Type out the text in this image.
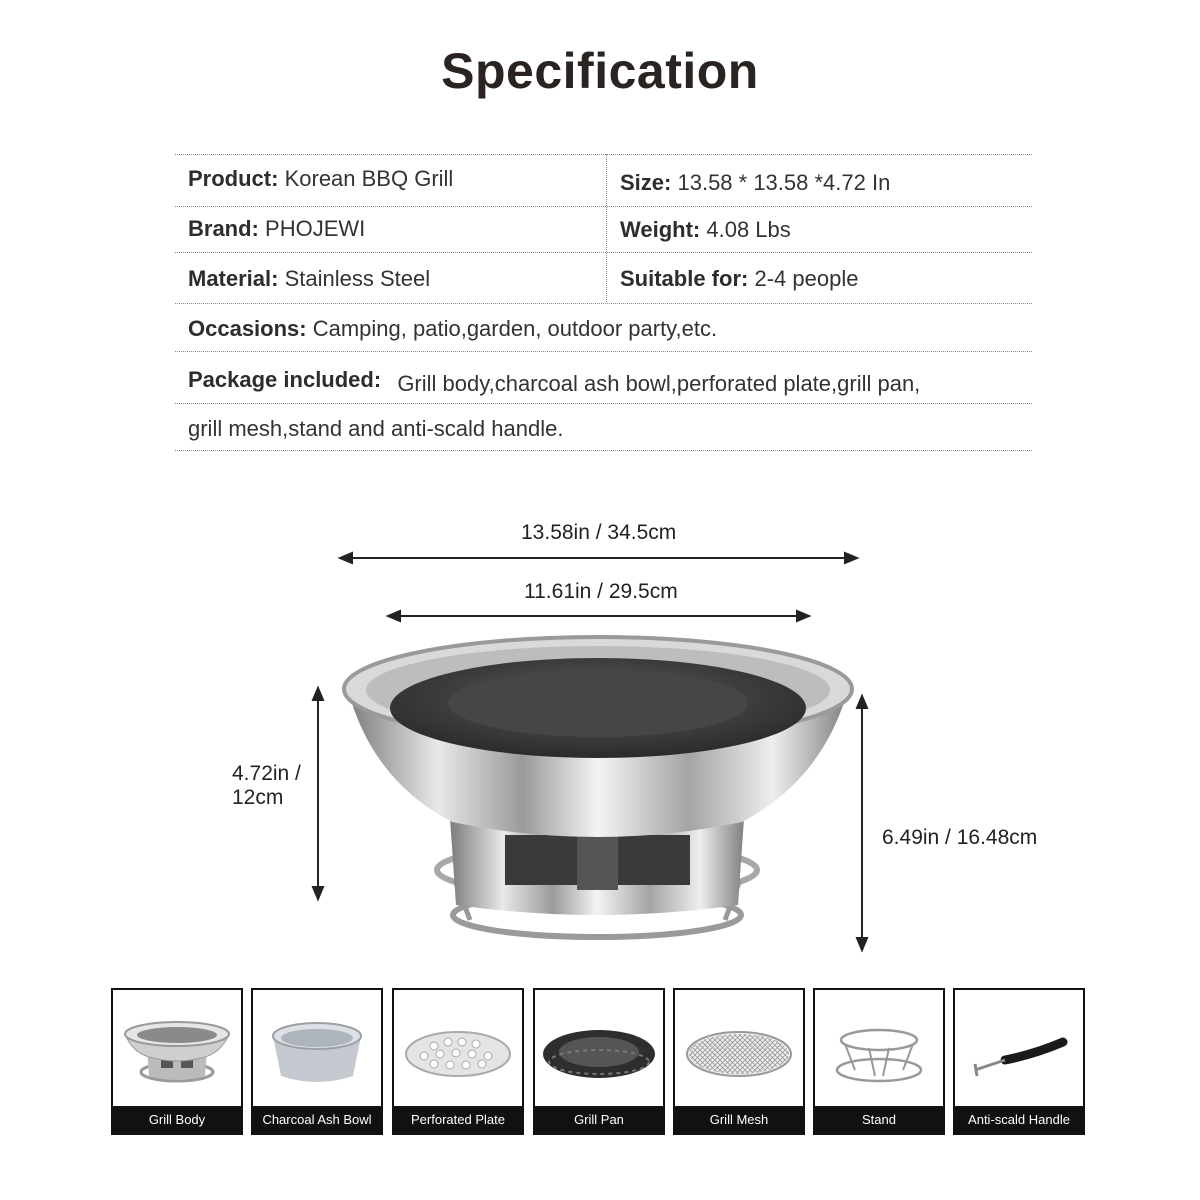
Specification
Product: Korean BBQ Grill	Size: 13.58 * 13.58 *4.72 In
Brand: PHOJEWI	Weight: 4.08 Lbs
Material: Stainless Steel	Suitable for: 2-4 people
Occasions: Camping, patio,garden, outdoor party,etc.
Package included: Grill body,charcoal ash bowl,perforated plate,grill pan,
grill mesh,stand and anti-scald handle.
13.58in / 34.5cm
11.61in / 29.5cm
4.72in /
12cm
6.49in / 16.48cm
Grill Body	Charcoal Ash Bowl	Perforated Plate	Grill Pan	Grill Mesh	Stand	Anti-scald Handle
